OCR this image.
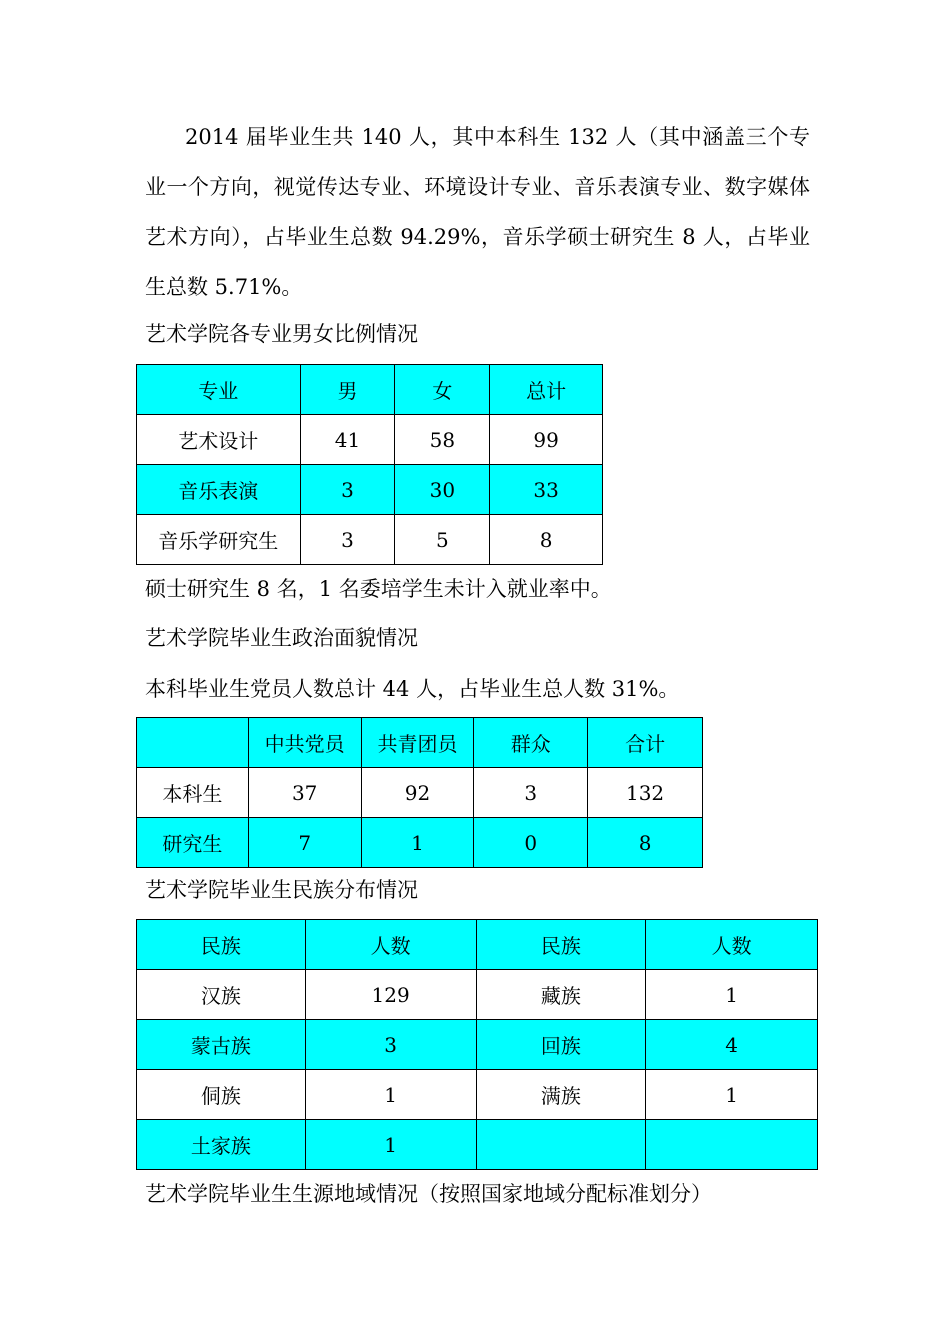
2014 届毕业生共 140 人，其中本科生 132 人（其中涵盖三个专业一个方向，视觉传达专业、环境设计专业、音乐表演专业、数字媒体艺术方向），占毕业生总数 94.29%，音乐学硕士研究生 8 人，占毕业生总数 5.71%。

艺术学院各专业男女比例情况

专业	男	女	总计
艺术设计	41	58	99
音乐表演	3	30	33
音乐学研究生	3	5	8

硕士研究生 8 名，1 名委培学生未计入就业率中。

艺术学院毕业生政治面貌情况

本科毕业生党员人数总计 44 人，占毕业生总人数 31%。

	中共党员	共青团员	群众	合计
本科生	37	92	3	132
研究生	7	1	0	8

艺术学院毕业生民族分布情况

民族	人数	民族	人数
汉族	129	藏族	1
蒙古族	3	回族	4
侗族	1	满族	1
土家族	1		

艺术学院毕业生生源地域情况（按照国家地域分配标准划分）
